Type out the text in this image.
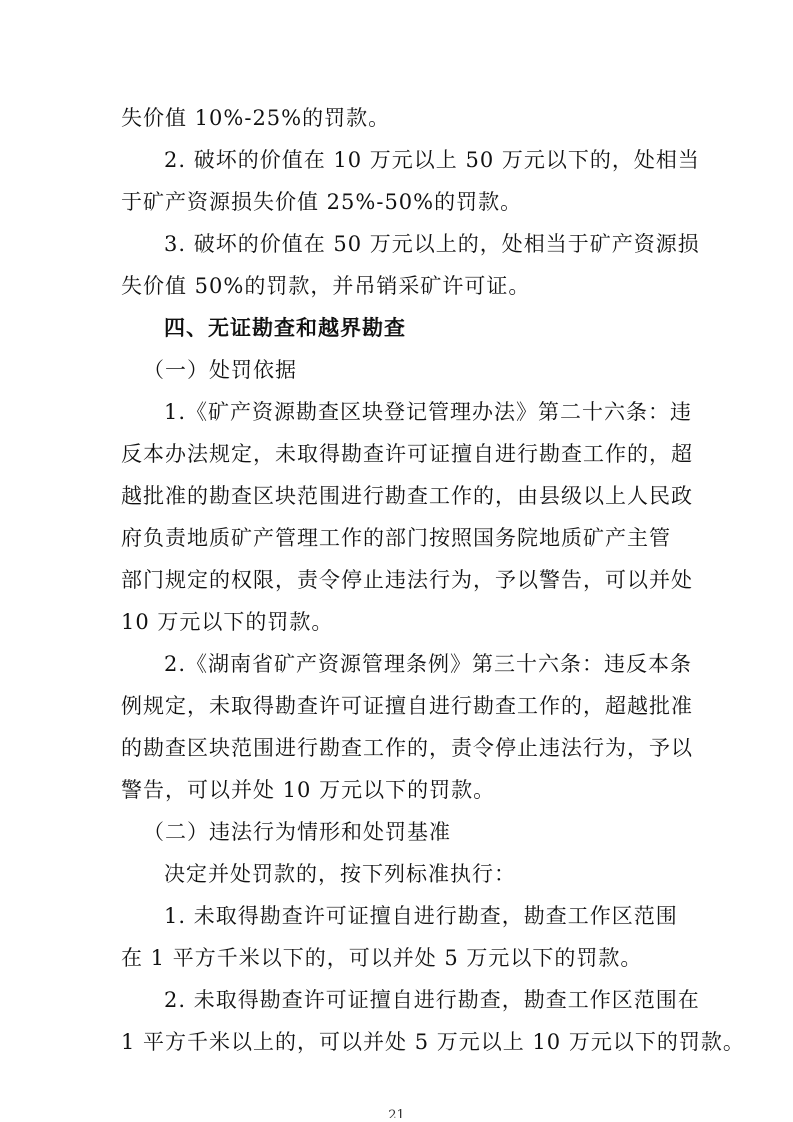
失价值 10%-25%的罚款。
2. 破坏的价值在 10 万元以上 50 万元以下的，处相当
于矿产资源损失价值 25%-50%的罚款。
3. 破坏的价值在 50 万元以上的，处相当于矿产资源损
失价值 50%的罚款，并吊销采矿许可证。
四、无证勘查和越界勘查
（一）处罚依据
1.《矿产资源勘查区块登记管理办法》第二十六条：违
反本办法规定，未取得勘查许可证擅自进行勘查工作的，超
越批准的勘查区块范围进行勘查工作的，由县级以上人民政
府负责地质矿产管理工作的部门按照国务院地质矿产主管
部门规定的权限，责令停止违法行为，予以警告，可以并处
10 万元以下的罚款。
2.《湖南省矿产资源管理条例》第三十六条：违反本条
例规定，未取得勘查许可证擅自进行勘查工作的，超越批准
的勘查区块范围进行勘查工作的，责令停止违法行为，予以
警告，可以并处 10 万元以下的罚款。
（二）违法行为情形和处罚基准
决定并处罚款的，按下列标准执行：
1. 未取得勘查许可证擅自进行勘查，勘查工作区范围
在 1 平方千米以下的，可以并处 5 万元以下的罚款。
2. 未取得勘查许可证擅自进行勘查，勘查工作区范围在
1 平方千米以上的，可以并处 5 万元以上 10 万元以下的罚款。
21
